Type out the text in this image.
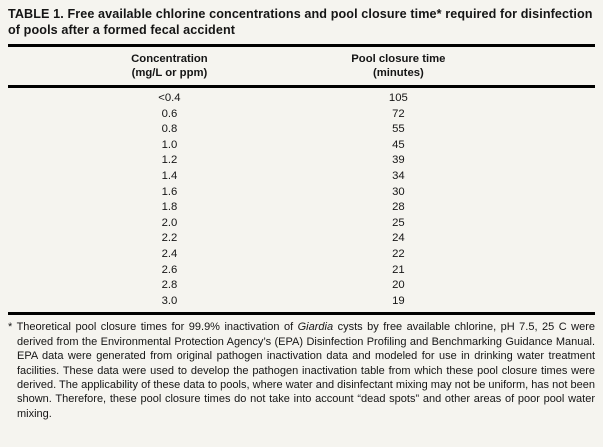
TABLE 1. Free available chlorine concentrations and pool closure time* required for disinfection of pools after a formed fecal accident
Concentration
(mg/L or ppm)

Pool closure time
(minutes)

<0.4	105	
0.6	72	
0.8	55	
1.0	45	
1.2	39	
1.4	34	
1.6	30	
1.8	28	
2.0	25	
2.2	24	
2.4	22	
2.6	21	
2.8	20	
3.0	19	
* Theoretical pool closure times for 99.9% inactivation of Giardia cysts by free available chlorine, pH 7.5, 25 C were derived from the Environmental Protection Agency’s (EPA) Disinfection Profiling and Benchmarking Guidance Manual. EPA data were generated from original pathogen inactivation data and modeled for use in drinking water treatment facilities. These data were used to develop the pathogen inactivation table from which these pool closure times were derived. The applicability of these data to pools, where water and disinfectant mixing may not be uniform, has not been shown. Therefore, these pool closure times do not take into account “dead spots” and other areas of poor pool water mixing.
